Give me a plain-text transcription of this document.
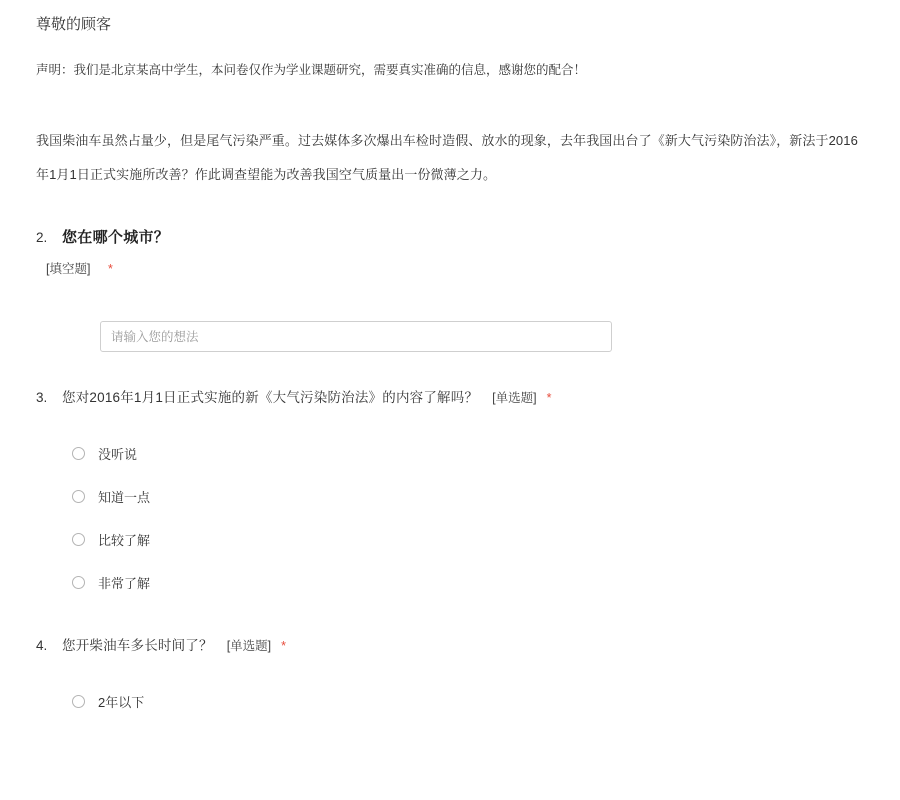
尊敬的顾客
声明：我们是北京某高中学生，本问卷仅作为学业课题研究，需要真实准确的信息，感谢您的配合！
我国柴油车虽然占量少，但是尾气污染严重。过去媒体多次爆出车检时造假、放水的现象，去年我国出台了《新大气污染防治法》，新法于2016年1月1日正式实施所改善？作此调查望能为改善我国空气质量出一份微薄之力。
2. 您在哪个城市？
[填空题] *
请输入您的想法
3.	您对2016年1月1日正式实施的新《大气污染防治法》的内容了解吗？ [单选题] *
没听说
知道一点
比较了解
非常了解
4.	您开柴油车多长时间了？ [单选题] *
2年以下
